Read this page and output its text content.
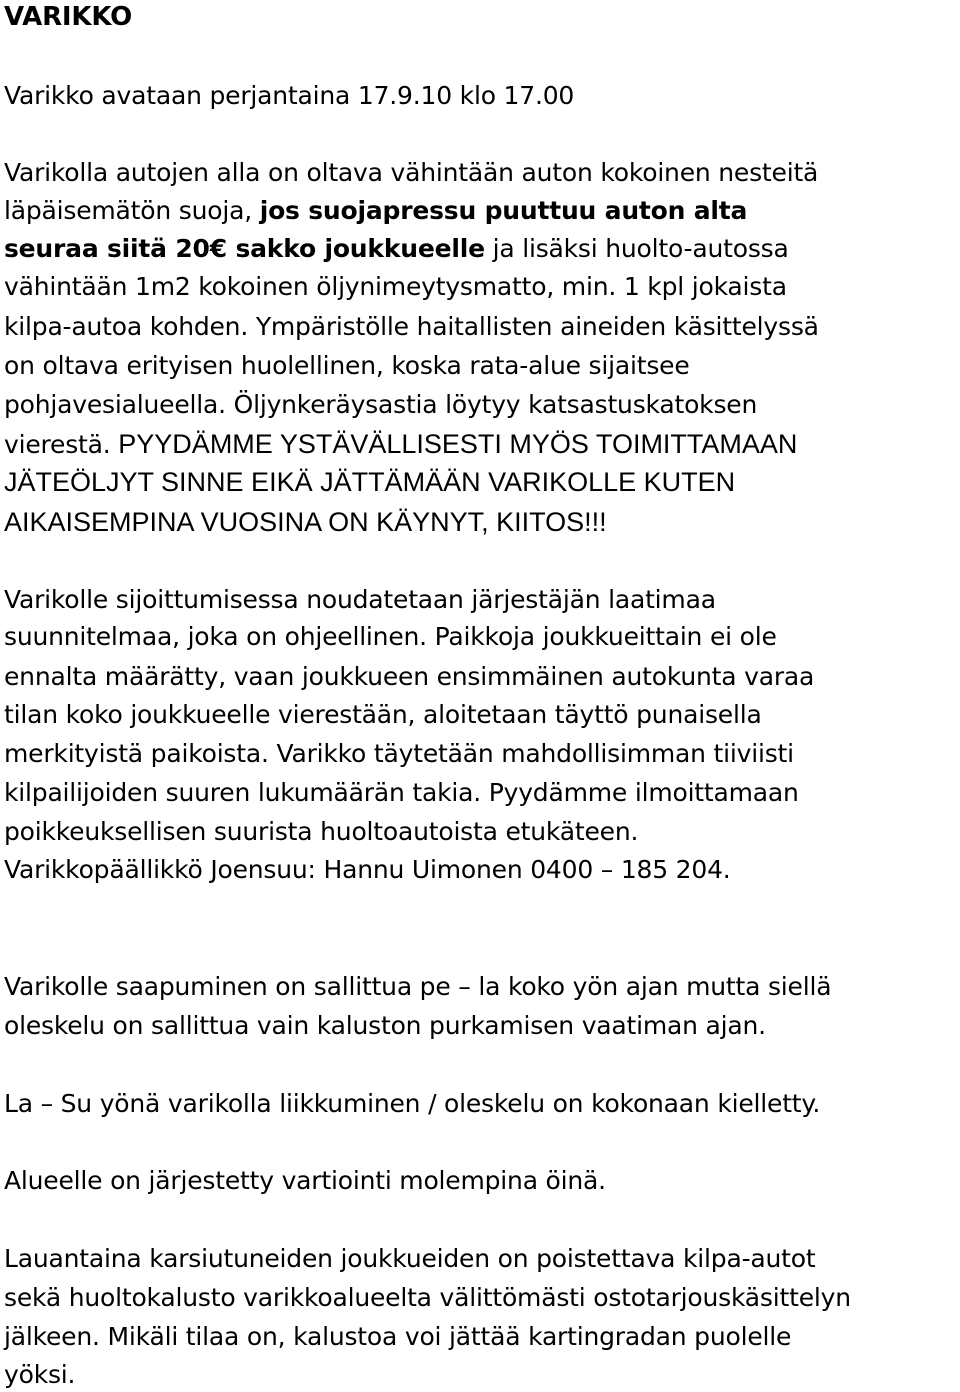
VARIKKO
Varikko avataan perjantaina 17.9.10 klo 17.00
Varikolla autojen alla on oltava vähintään auton kokoinen nesteitä
läpäisemätön suoja, jos suojapressu puuttuu auton alta
seuraa siitä 20€ sakko joukkueelle ja lisäksi huolto-autossa
vähintään 1m2 kokoinen öljynimeytysmatto, min. 1 kpl jokaista
kilpa-autoa kohden. Ympäristölle haitallisten aineiden käsittelyssä
on oltava erityisen huolellinen, koska rata-alue sijaitsee
pohjavesialueella. Öljynkeräysastia löytyy katsastuskatoksen
vierestä. PYYDÄMME YSTÄVÄLLISESTI MYÖS TOIMITTAMAAN
JÄTEÖLJYT SINNE EIKÄ JÄTTÄMÄÄN VARIKOLLE KUTEN
AIKAISEMPINA VUOSINA ON KÄYNYT, KIITOS!!!
Varikolle sijoittumisessa noudatetaan järjestäjän laatimaa
suunnitelmaa, joka on ohjeellinen. Paikkoja joukkueittain ei ole
ennalta määrätty, vaan joukkueen ensimmäinen autokunta varaa
tilan koko joukkueelle vierestään, aloitetaan täyttö punaisella
merkityistä paikoista. Varikko täytetään mahdollisimman tiiviisti
kilpailijoiden suuren lukumäärän takia. Pyydämme ilmoittamaan
poikkeuksellisen suurista huoltoautoista etukäteen.
Varikkopäällikkö Joensuu: Hannu Uimonen 0400 – 185 204.
Varikolle saapuminen on sallittua pe – la koko yön ajan mutta siellä
oleskelu on sallittua vain kaluston purkamisen vaatiman ajan.
La – Su yönä varikolla liikkuminen / oleskelu on kokonaan kielletty.
Alueelle on järjestetty vartiointi molempina öinä.
Lauantaina karsiutuneiden joukkueiden on poistettava kilpa-autot
sekä huoltokalusto varikkoalueelta välittömästi ostotarjouskäsittelyn
jälkeen. Mikäli tilaa on, kalustoa voi jättää kartingradan puolelle
yöksi.
